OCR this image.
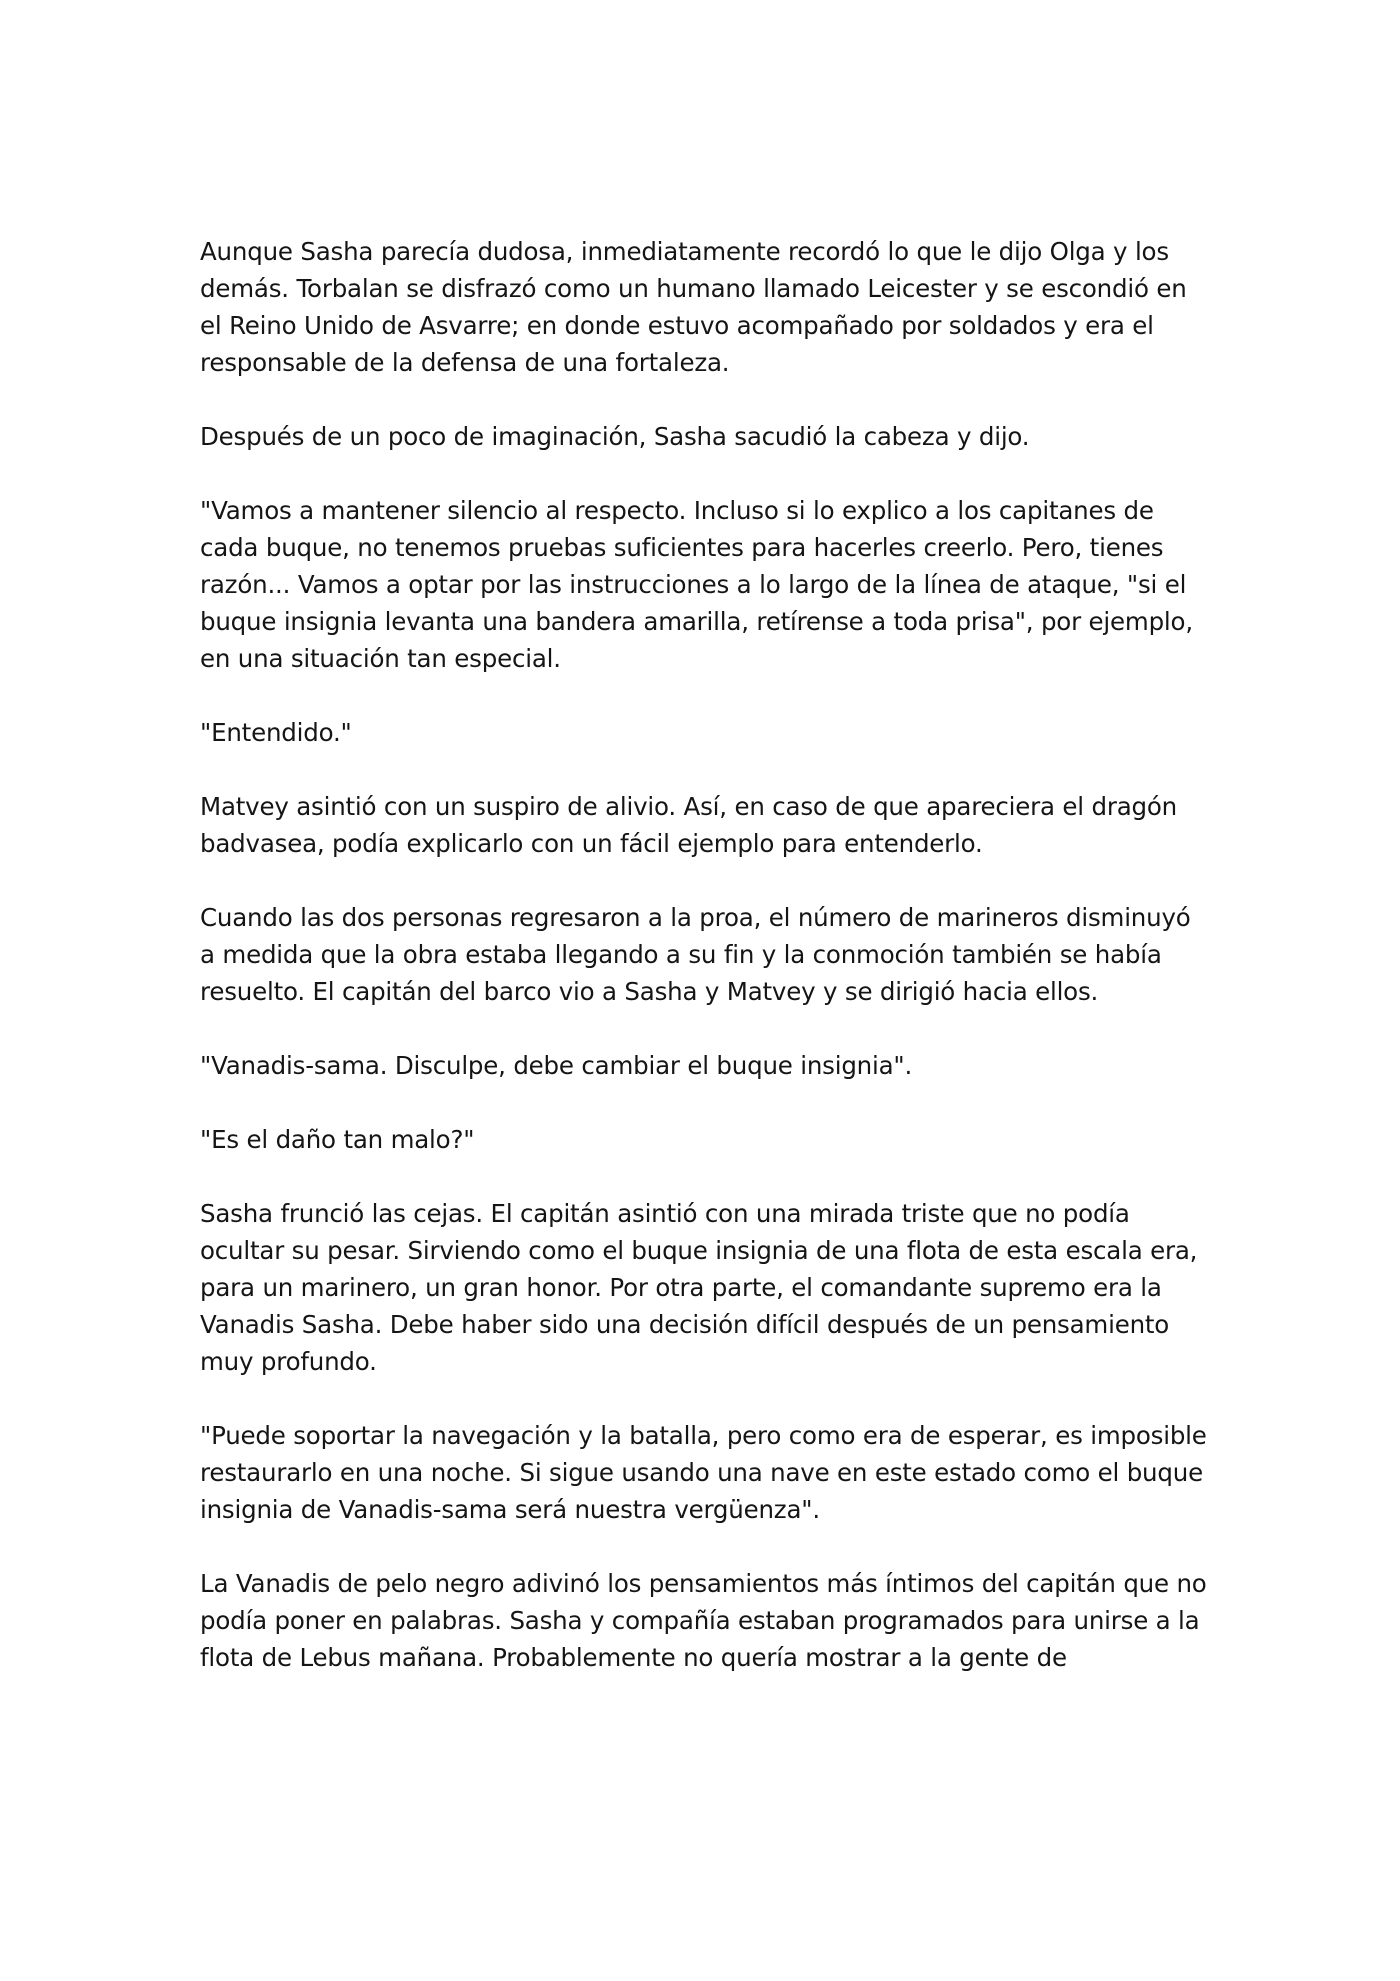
Aunque Sasha parecía dudosa, inmediatamente recordó lo que le dijo Olga y los demás. Torbalan se disfrazó como un humano llamado Leicester y se escondió en el Reino Unido de Asvarre; en donde estuvo acompañado por soldados y era el responsable de la defensa de una fortaleza.

Después de un poco de imaginación, Sasha sacudió la cabeza y dijo.

"Vamos a mantener silencio al respecto. Incluso si lo explico a los capitanes de cada buque, no tenemos pruebas suficientes para hacerles creerlo. Pero, tienes razón... Vamos a optar por las instrucciones a lo largo de la línea de ataque, "si el buque insignia levanta una bandera amarilla, retírense a toda prisa", por ejemplo, en una situación tan especial.

"Entendido."

Matvey asintió con un suspiro de alivio. Así, en caso de que apareciera el dragón badvasea, podía explicarlo con un fácil ejemplo para entenderlo.

Cuando las dos personas regresaron a la proa, el número de marineros disminuyó a medida que la obra estaba llegando a su fin y la conmoción también se había resuelto. El capitán del barco vio a Sasha y Matvey y se dirigió hacia ellos.

"Vanadis-sama. Disculpe, debe cambiar el buque insignia".

"Es el daño tan malo?"

Sasha frunció las cejas. El capitán asintió con una mirada triste que no podía ocultar su pesar. Sirviendo como el buque insignia de una flota de esta escala era, para un marinero, un gran honor. Por otra parte, el comandante supremo era la Vanadis Sasha. Debe haber sido una decisión difícil después de un pensamiento muy profundo.

"Puede soportar la navegación y la batalla, pero como era de esperar, es imposible restaurarlo en una noche. Si sigue usando una nave en este estado como el buque insignia de Vanadis-sama será nuestra vergüenza".

La Vanadis de pelo negro adivinó los pensamientos más íntimos del capitán que no podía poner en palabras. Sasha y compañía estaban programados para unirse a la flota de Lebus mañana. Probablemente no quería mostrar a la gente de
